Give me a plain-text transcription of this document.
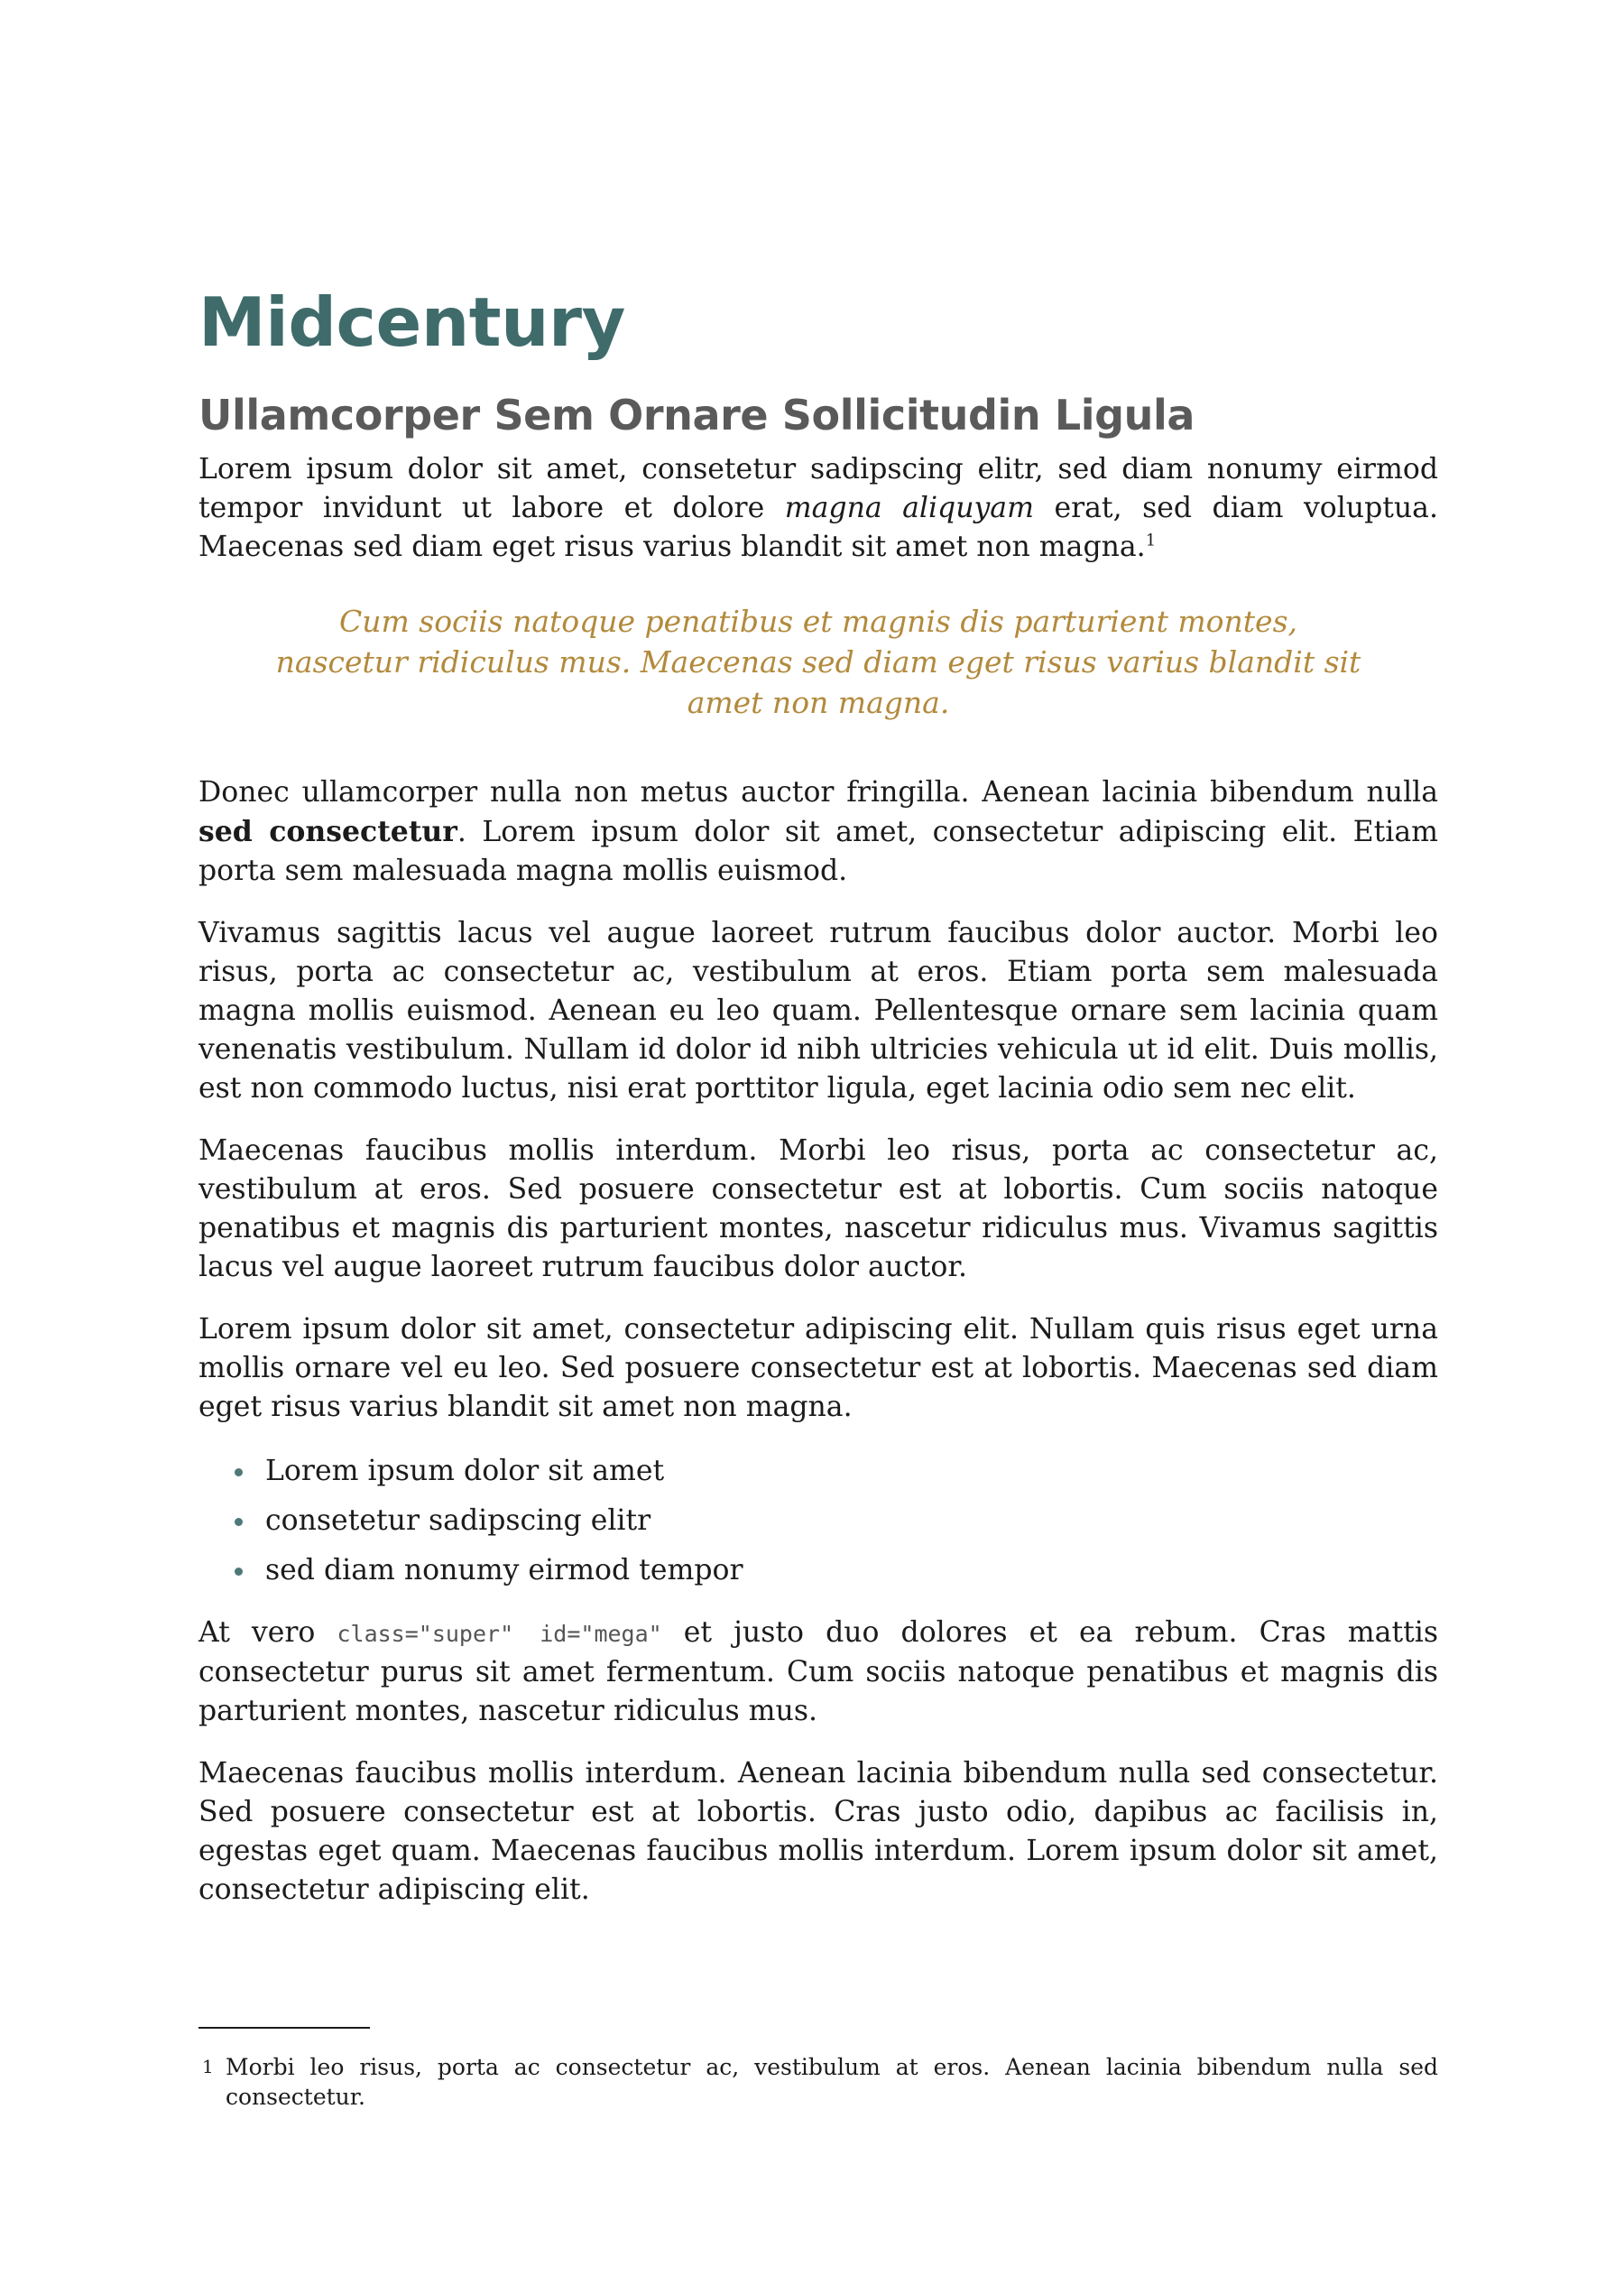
Midcentury
Ullamcorper Sem Ornare Sollicitudin Ligula

Lorem ipsum dolor sit amet, consetetur sadipscing elitr, sed diam nonumy eirmod tempor invidunt ut labore et dolore magna aliquyam erat, sed diam voluptua. Maecenas sed diam eget risus varius blandit sit amet non magna.$^1$

Cum sociis natoque penatibus et magnis dis parturient montes, nascetur ridiculus mus. Maecenas sed diam eget risus varius blandit sit amet non magna.

Donec ullamcorper nulla non metus auctor fringilla. Aenean lacinia bibendum nulla sed consectetur. Lorem ipsum dolor sit amet, consectetur adipiscing elit. Etiam porta sem malesuada magna mollis euismod.

Vivamus sagittis lacus vel augue laoreet rutrum faucibus dolor auctor. Morbi leo risus, porta ac consectetur ac, vestibulum at eros. Etiam porta sem malesuada magna mollis euismod. Aenean eu leo quam. Pellentesque ornare sem lacinia quam venenatis vestibulum. Nullam id dolor id nibh ultricies vehicula ut id elit. Duis mollis, est non commodo luctus, nisi erat porttitor ligula, eget lacinia odio sem nec elit.

Maecenas faucibus mollis interdum. Morbi leo risus, porta ac consectetur ac, vestibulum at eros. Sed posuere consectetur est at lobortis. Cum sociis natoque penatibus et magnis dis parturient montes, nascetur ridiculus mus. Vivamus sagittis lacus vel augue laoreet rutrum faucibus dolor auctor.

Lorem ipsum dolor sit amet, consectetur adipiscing elit. Nullam quis risus eget urna mollis ornare vel eu leo. Sed posuere consectetur est at lobortis. Maecenas sed diam eget risus varius blandit sit amet non magna.

Lorem ipsum dolor sit amet
consetetur sadipscing elitr
sed diam nonumy eirmod tempor

At vero class="super" id="mega" et justo duo dolores et ea rebum. Cras mattis consectetur purus sit amet fermentum. Cum sociis natoque penatibus et magnis dis parturient montes, nascetur ridiculus mus.

Maecenas faucibus mollis interdum. Aenean lacinia bibendum nulla sed consectetur. Sed posuere consectetur est at lobortis. Cras justo odio, dapibus ac facilisis in, egestas eget quam. Maecenas faucibus mollis interdum. Lorem ipsum dolor sit amet, consectetur adipiscing elit.

1 Morbi leo risus, porta ac consectetur ac, vestibulum at eros. Aenean lacinia bibendum nulla sed consectetur.
